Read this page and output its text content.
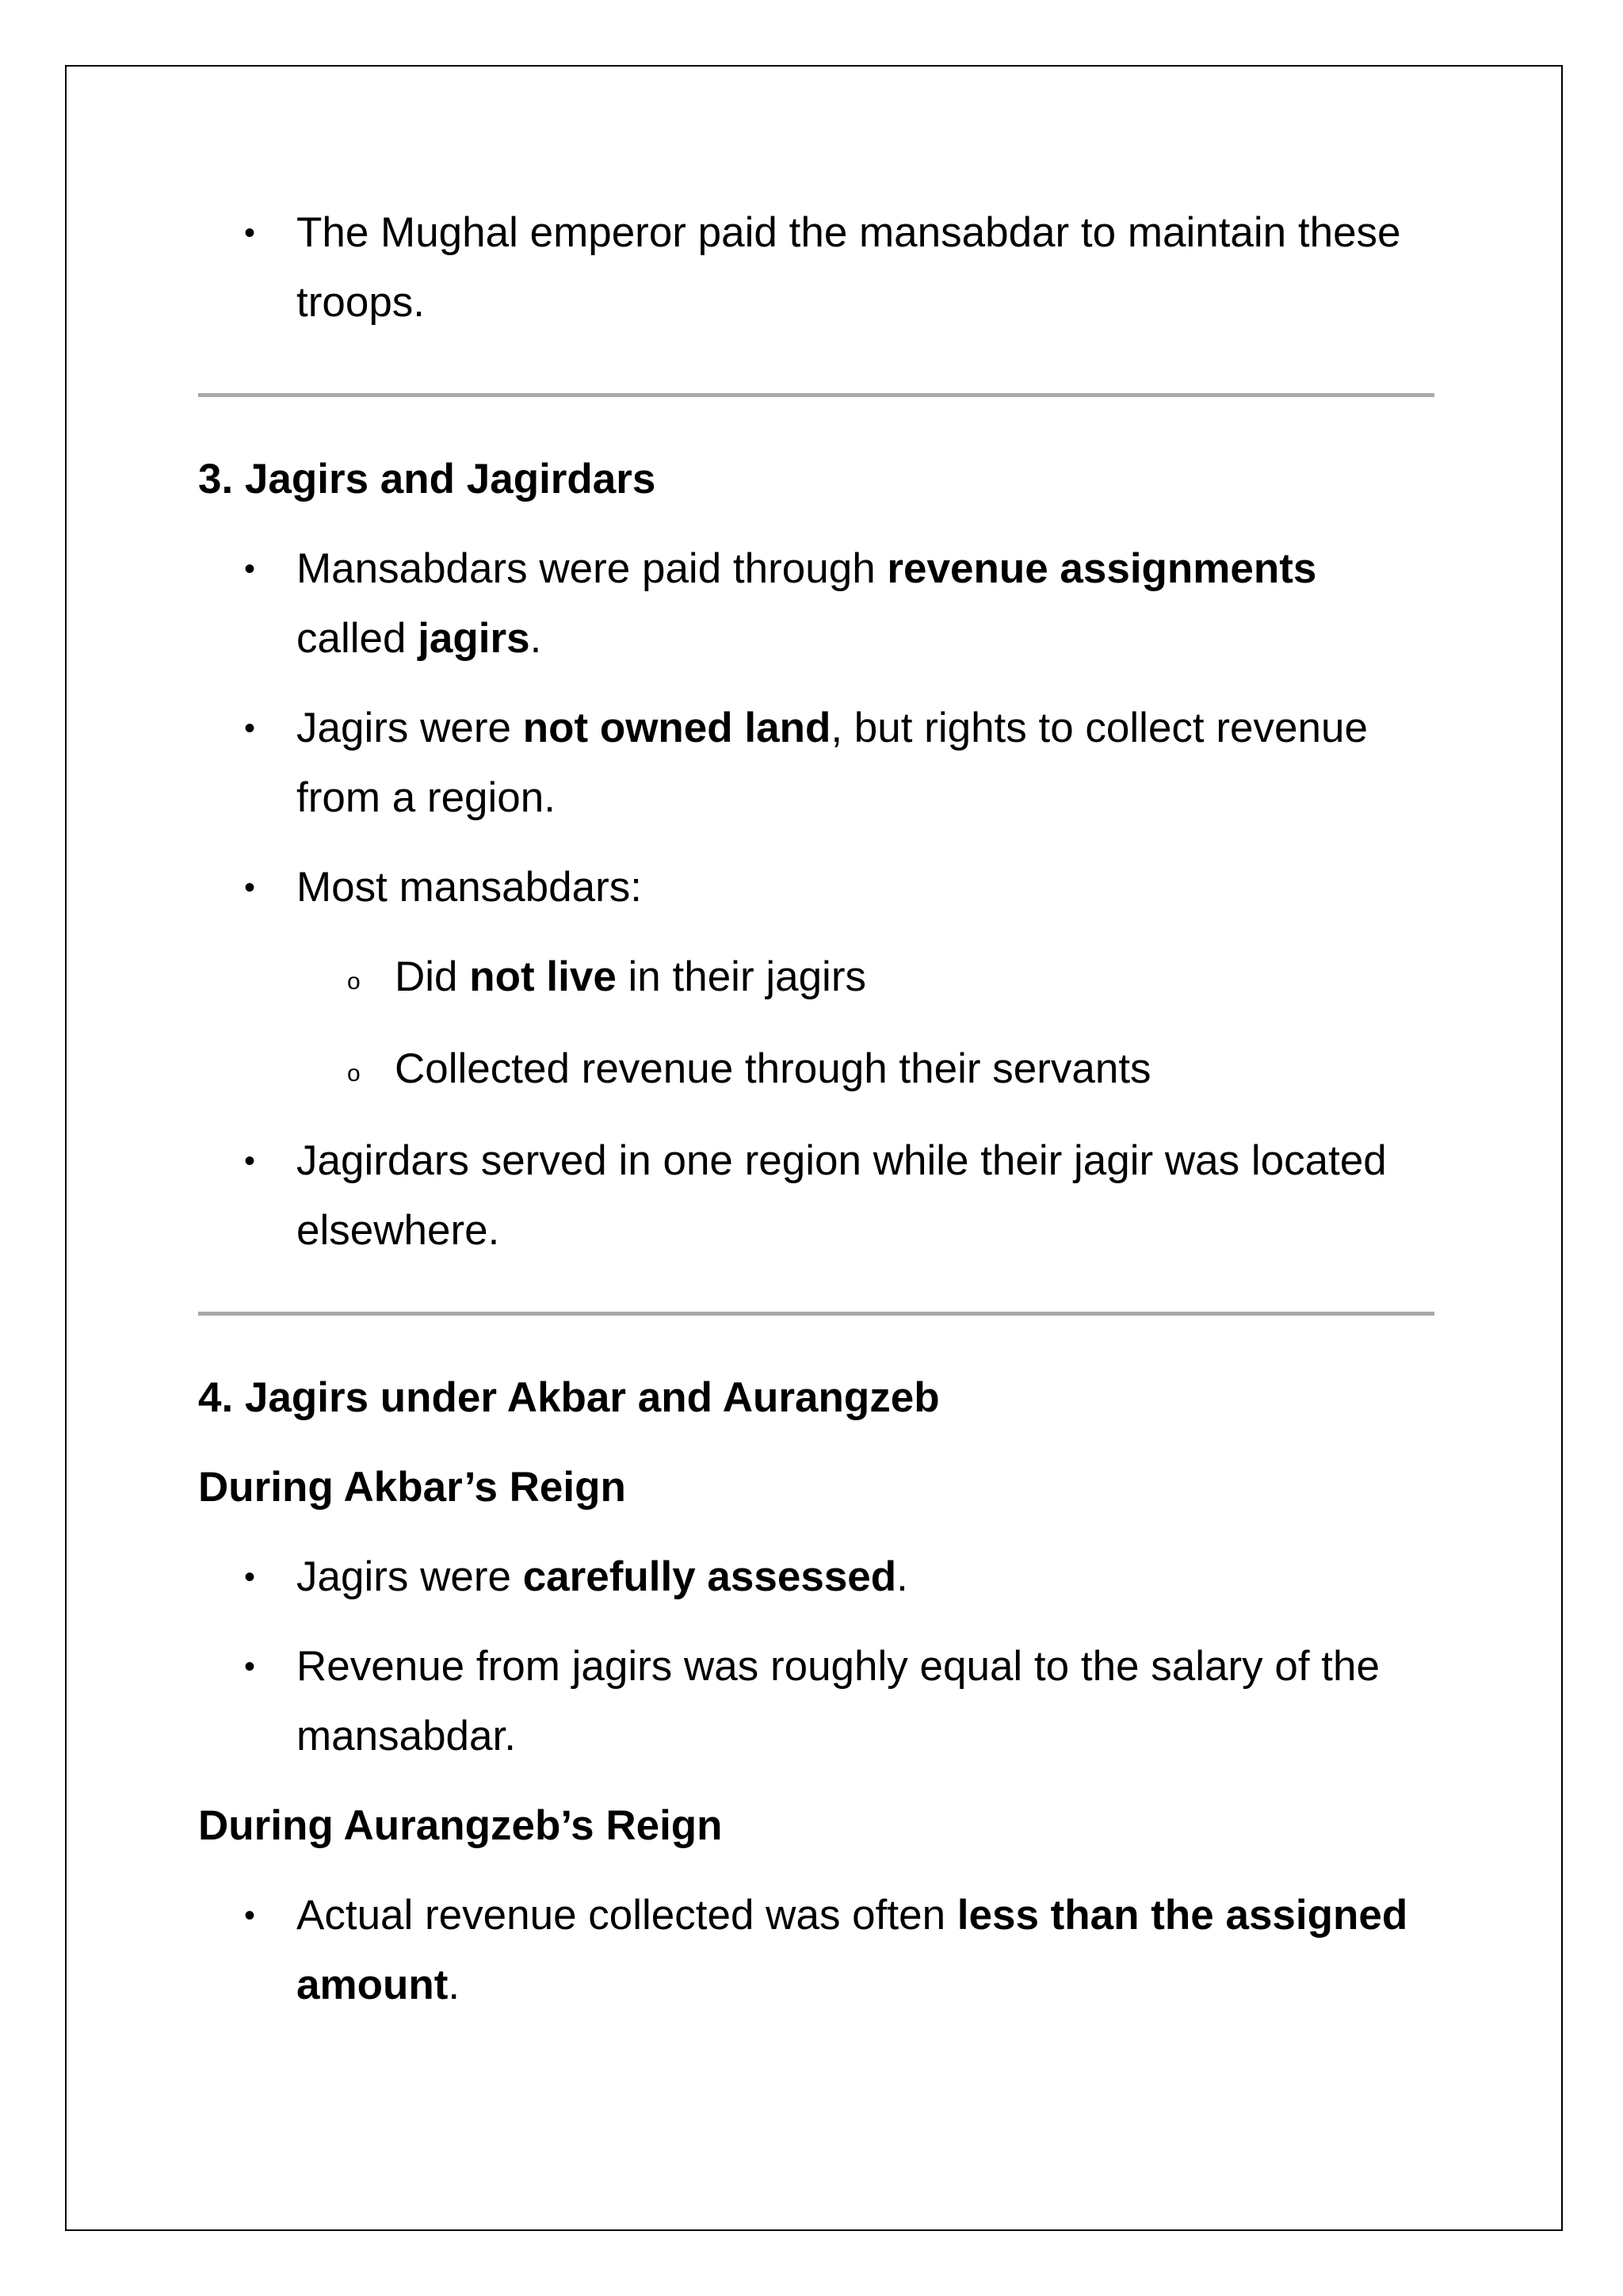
• The Mughal emperor paid the mansabdar to maintain these troops.
3. Jagirs and Jagirdars
• Mansabdars were paid through revenue assignments called jagirs.
• Jagirs were not owned land, but rights to collect revenue from a region.
• Most mansabdars:
o Did not live in their jagirs
o Collected revenue through their servants
• Jagirdars served in one region while their jagir was located elsewhere.
4. Jagirs under Akbar and Aurangzeb
During Akbar’s Reign
• Jagirs were carefully assessed.
• Revenue from jagirs was roughly equal to the salary of the mansabdar.
During Aurangzeb’s Reign
• Actual revenue collected was often less than the assigned amount.
